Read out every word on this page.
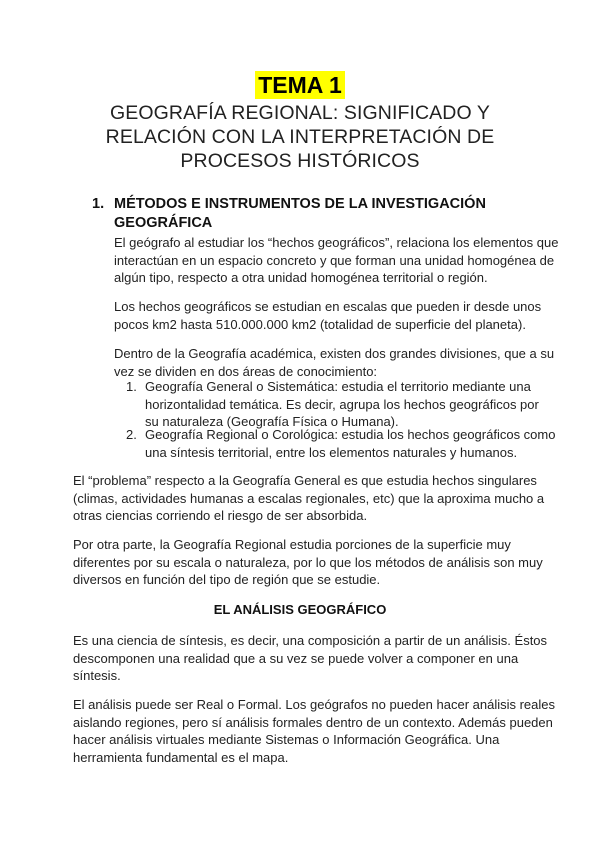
TEMA 1
GEOGRAFÍA REGIONAL: SIGNIFICADO Y
RELACIÓN CON LA INTERPRETACIÓN DE
PROCESOS HISTÓRICOS
1. MÉTODOS E INSTRUMENTOS DE LA INVESTIGACIÓN
GEOGRÁFICA
El geógrafo al estudiar los “hechos geográficos”, relaciona los elementos que
interactúan en un espacio concreto y que forman una unidad homogénea de
algún tipo, respecto a otra unidad homogénea territorial o región.
Los hechos geográficos se estudian en escalas que pueden ir desde unos
pocos km2 hasta 510.000.000 km2 (totalidad de superficie del planeta).
Dentro de la Geografía académica, existen dos grandes divisiones, que a su
vez se dividen en dos áreas de conocimiento:
1. Geografía General o Sistemática: estudia el territorio mediante una
horizontalidad temática. Es decir, agrupa los hechos geográficos por
su naturaleza (Geografía Física o Humana).
2. Geografía Regional o Corológica: estudia los hechos geográficos como
una síntesis territorial, entre los elementos naturales y humanos.
El “problema” respecto a la Geografía General es que estudia hechos singulares
(climas, actividades humanas a escalas regionales, etc) que la aproxima mucho a
otras ciencias corriendo el riesgo de ser absorbida.
Por otra parte, la Geografía Regional estudia porciones de la superficie muy
diferentes por su escala o naturaleza, por lo que los métodos de análisis son muy
diversos en función del tipo de región que se estudie.
EL ANÁLISIS GEOGRÁFICO
Es una ciencia de síntesis, es decir, una composición a partir de un análisis. Éstos
descomponen una realidad que a su vez se puede volver a componer en una
síntesis.
El análisis puede ser Real o Formal. Los geógrafos no pueden hacer análisis reales
aislando regiones, pero sí análisis formales dentro de un contexto. Además pueden
hacer análisis virtuales mediante Sistemas o Información Geográfica. Una
herramienta fundamental es el mapa.
